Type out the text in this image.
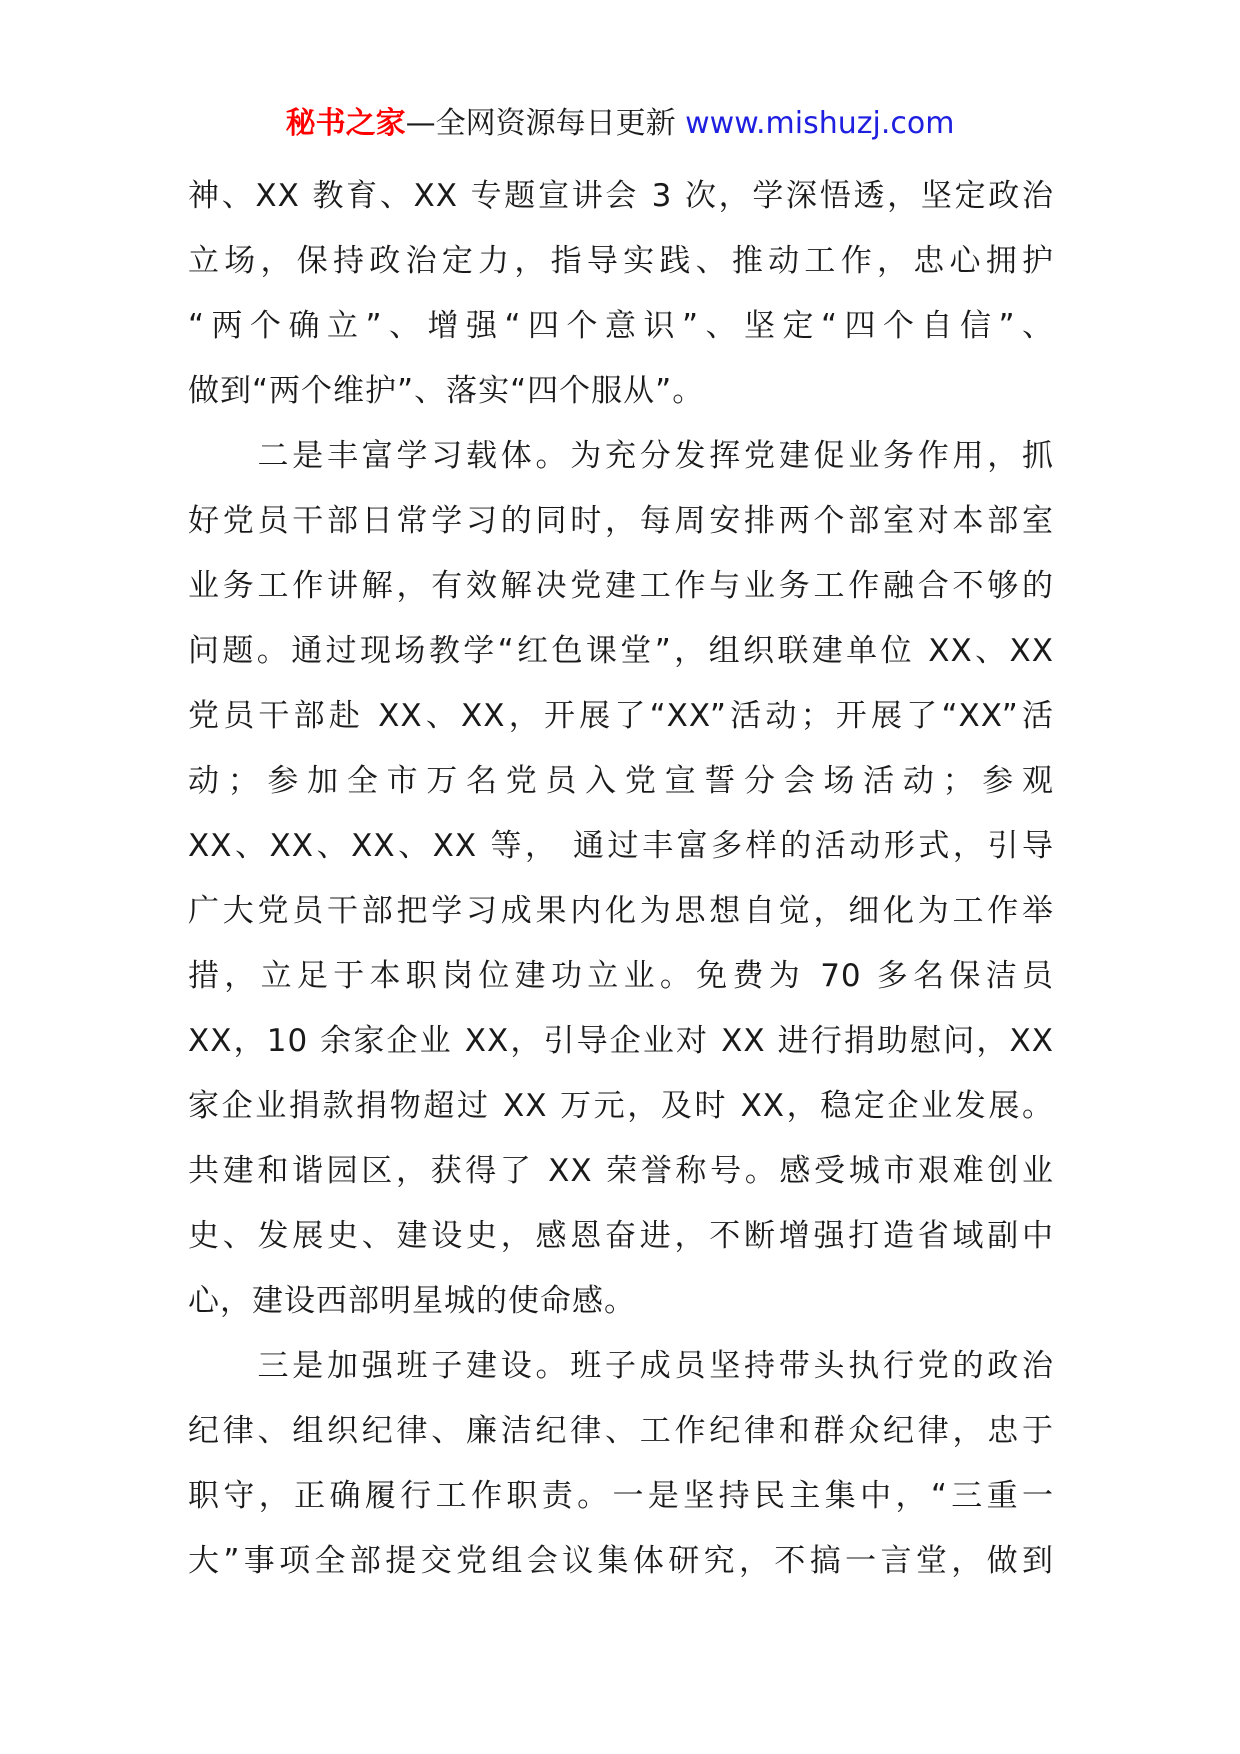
秘书之家—全网资源每日更新 www.mishuzj.com
神、XX 教育、XX 专题宣讲会 3 次，学深悟透，坚定政治
立场，保持政治定力，指导实践、推动工作，忠心拥护
“两个确立”、增强“四个意识”、坚定“四个自信”、
做到“两个维护”、落实“四个服从”。
　　二是丰富学习载体。为充分发挥党建促业务作用，抓
好党员干部日常学习的同时，每周安排两个部室对本部室
业务工作讲解，有效解决党建工作与业务工作融合不够的
问题。通过现场教学“红色课堂”，组织联建单位 XX、XX
党员干部赴 XX、XX，开展了“XX”活动；开展了“XX”活
动；参加全市万名党员入党宣誓分会场活动；参观
XX、XX、XX、XX 等， 通过丰富多样的活动形式，引导
广大党员干部把学习成果内化为思想自觉，细化为工作举
措，立足于本职岗位建功立业。免费为 70 多名保洁员
XX，10 余家企业 XX，引导企业对 XX 进行捐助慰问，XX
家企业捐款捐物超过 XX 万元，及时 XX，稳定企业发展。
共建和谐园区，获得了 XX 荣誉称号。感受城市艰难创业
史、发展史、建设史，感恩奋进，不断增强打造省域副中
心，建设西部明星城的使命感。
　　三是加强班子建设。班子成员坚持带头执行党的政治
纪律、组织纪律、廉洁纪律、工作纪律和群众纪律，忠于
职守，正确履行工作职责。一是坚持民主集中，“三重一
大”事项全部提交党组会议集体研究，不搞一言堂，做到
